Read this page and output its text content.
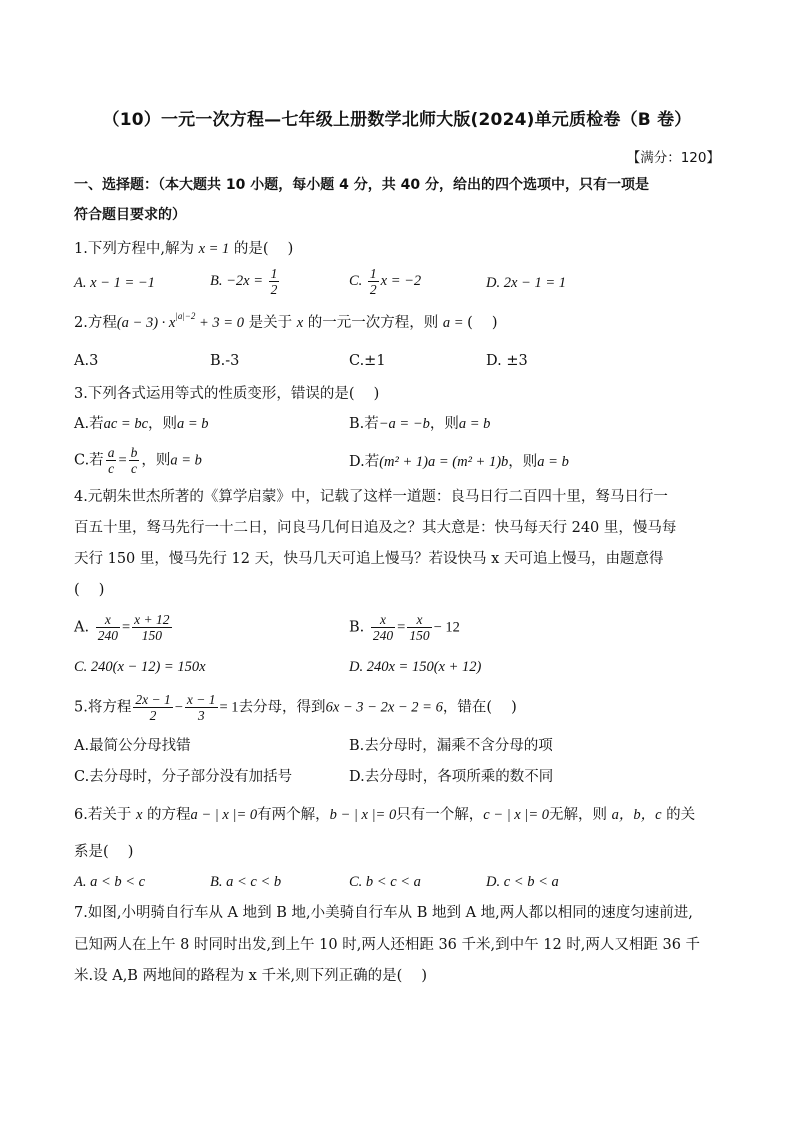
（10）一元一次方程—七年级上册数学北师大版(2024)单元质检卷（B 卷）
【满分：120】
一、选择题：（本大题共 10 小题，每小题 4 分，共 40 分，给出的四个选项中，只有一项是
符合题目要求的）
1.下列方程中,解为 x = 1 的是(　 )
A. x − 1 = −1	B. $-2x = \frac{1}{2}$	C. $\frac{1}{2}$ x = −2	D. 2x − 1 = 1
2.方程$(a - 3) \cdot x^{|a|-2} + 3 = 0$ 是关于 x 的一元一次方程，则 a = (　 )
A.3	B.-3	C.±1	D. ±3
3.下列各式运用等式的性质变形，错误的是(　 )
A.若ac = bc，则a = b	B.若−a = −b，则a = b
C.若 $\frac{a}{c} = \frac{b}{c}$ ，则a = b	D.若(m² + 1)a = (m² + 1)b，则a = b
4.元朝朱世杰所著的《算学启蒙》中，记载了这样一道题：良马日行二百四十里，驽马日行一
百五十里，驽马先行一十二日，问良马几何日追及之？其大意是：快马每天行 240 里，慢马每
天行 150 里，慢马先行 12 天，快马几天可追上慢马？若设快马 x 天可追上慢马，由题意得
(　 )
A. $\frac{x}{240} = \frac{x + 12}{150}$	B. $\frac{x}{240} = \frac{x}{150} - 12$
C. 240(x − 12) = 150x	D. 240x = 150(x + 12)
5.将方程 $\frac{2x - 1}{2} - \frac{x - 1}{3} = 1$去分母，得到6x − 3 − 2x − 2 = 6，错在(　 )
A.最简公分母找错	B.去分母时，漏乘不含分母的项
C.去分母时，分子部分没有加括号	D.去分母时，各项所乘的数不同
6.若关于 x 的方程a − | x |= 0有两个解，b − | x |= 0只有一个解，c − | x |= 0无解，则 a，b，c 的关
系是(　 )
A. a < b < c	B. a < c < b	C. b < c < a	D. c < b < a
7.如图,小明骑自行车从 A 地到 B 地,小美骑自行车从 B 地到 A 地,两人都以相同的速度匀速前进,
已知两人在上午 8 时同时出发,到上午 10 时,两人还相距 36 千米,到中午 12 时,两人又相距 36 千
米.设 A,B 两地间的路程为 x 千米,则下列正确的是(　 )
